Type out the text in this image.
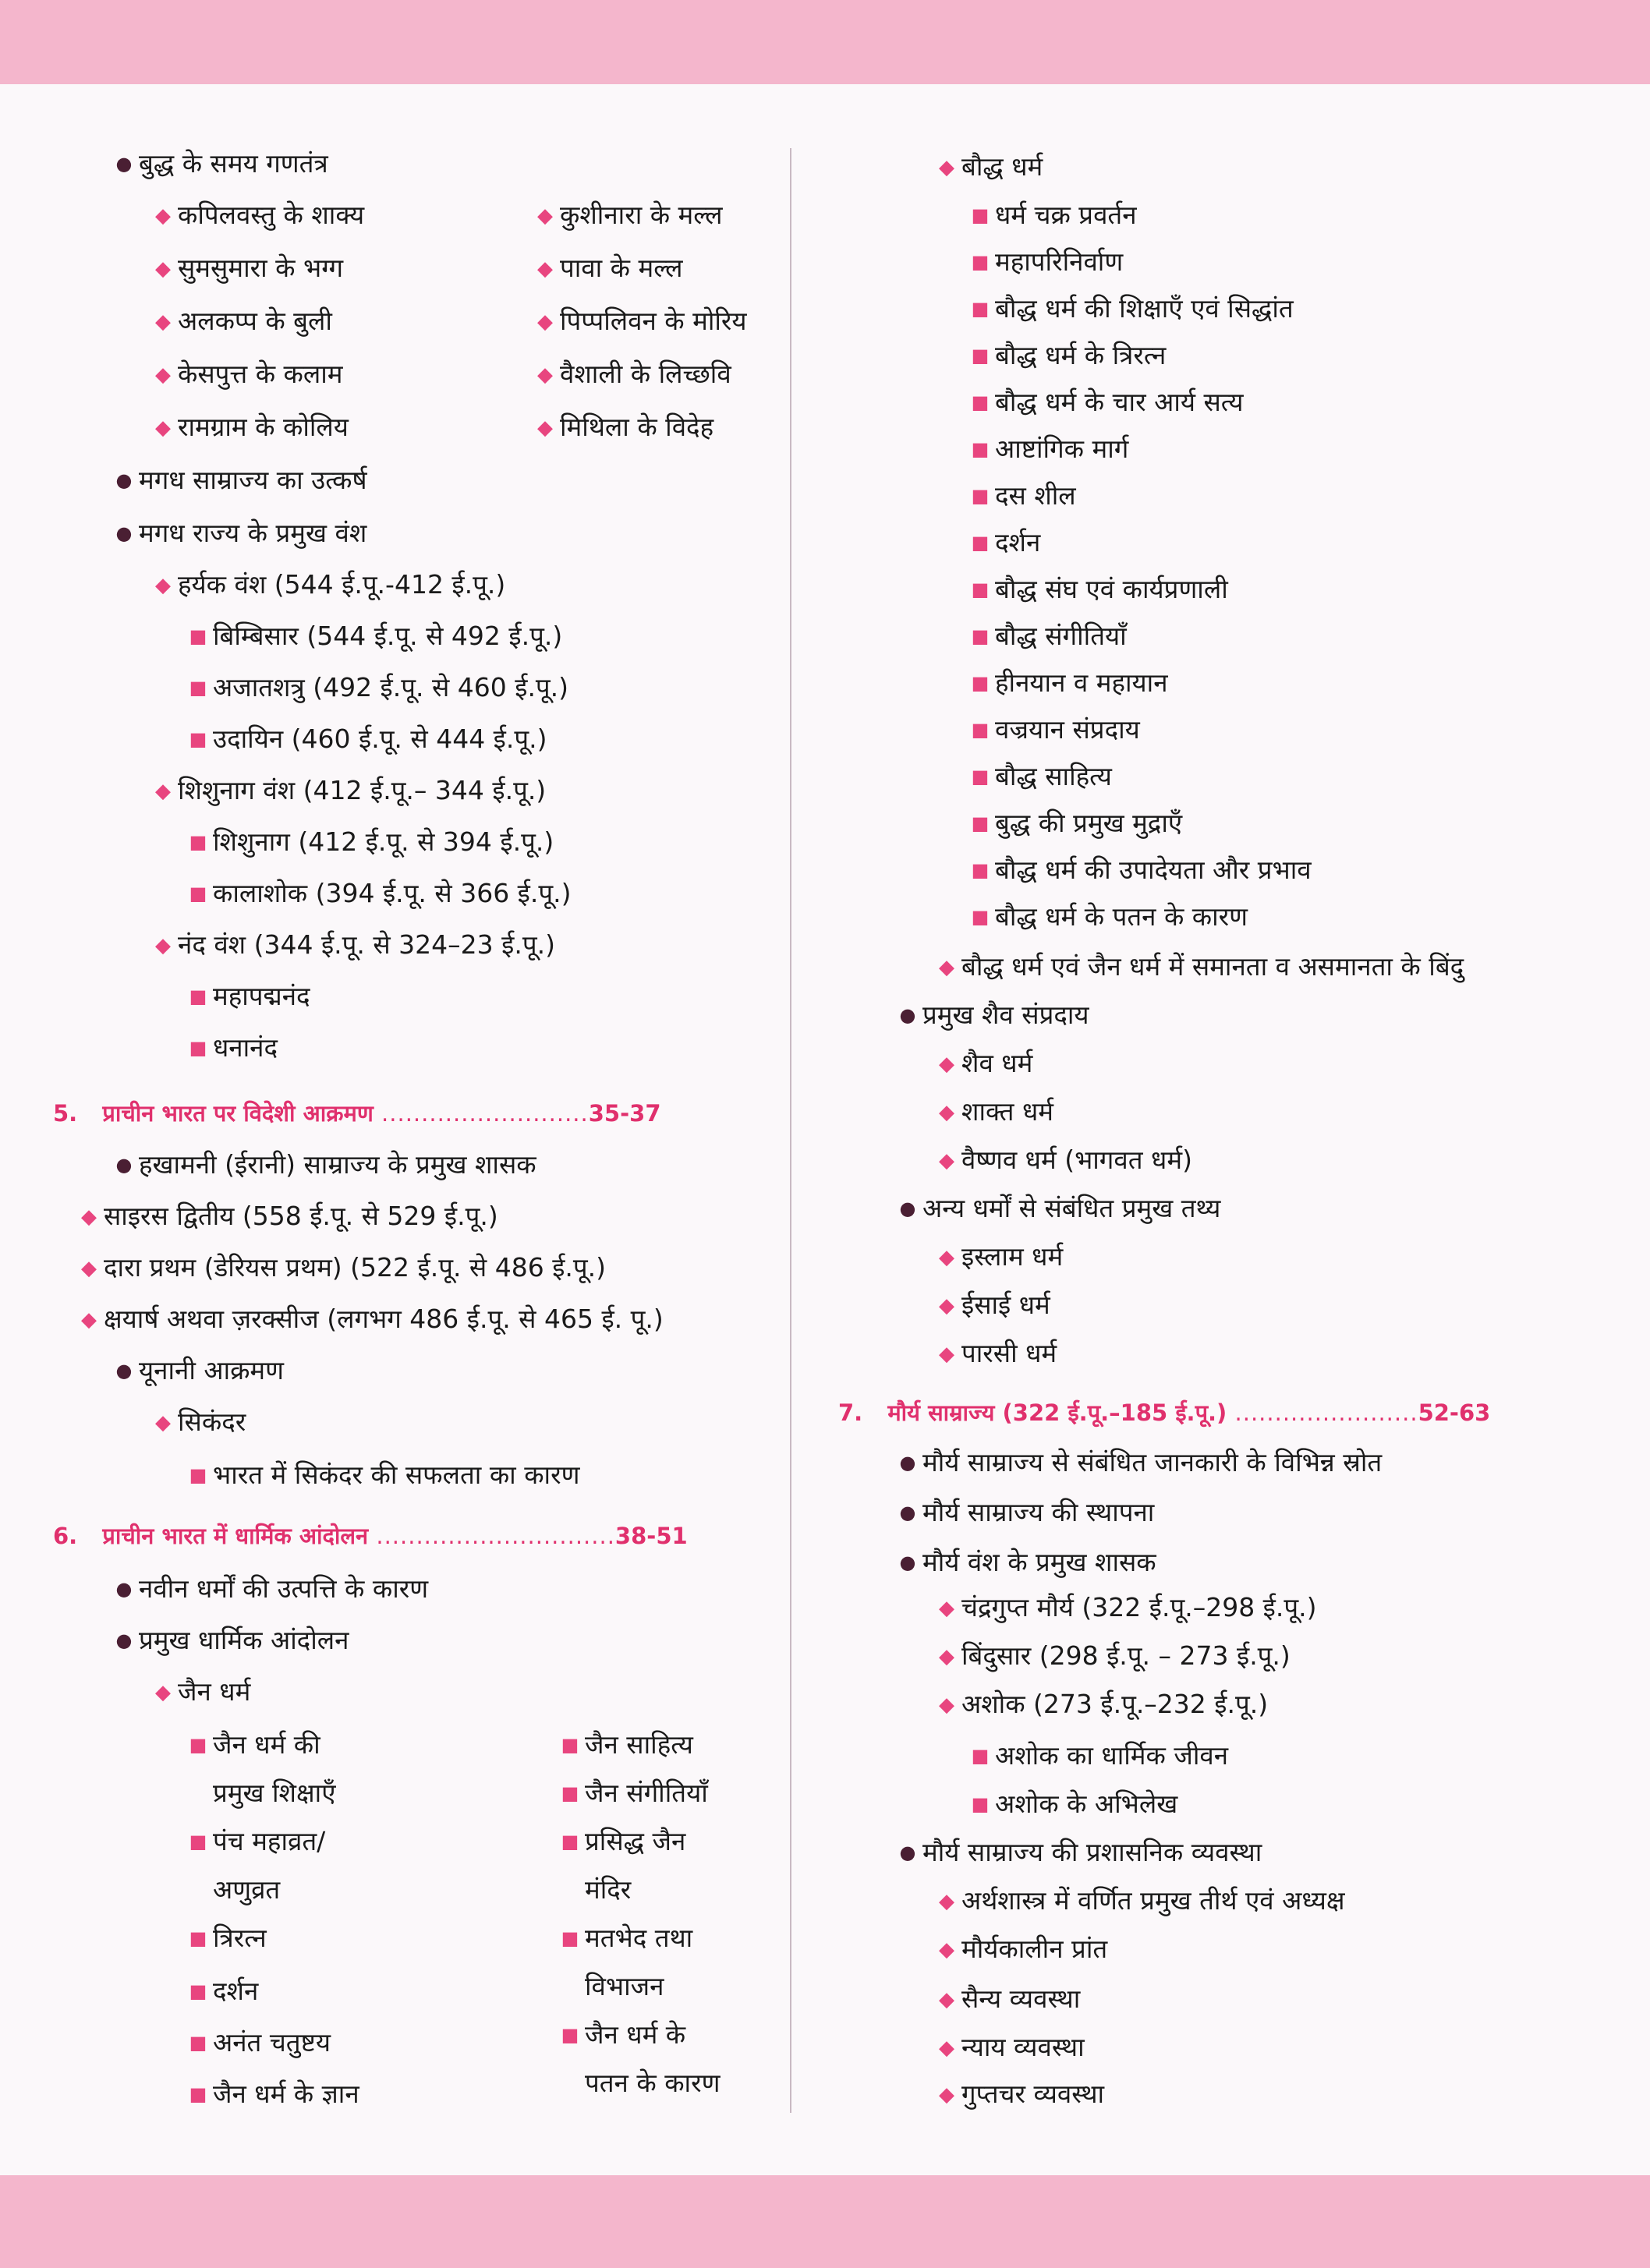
● बुद्ध के समय गणतंत्र
◆ कपिलवस्तु के शाक्य
◆ सुमसुमारा के भग्ग
◆ अलकप्प के बुली
◆ केसपुत्त के कलाम
◆ रामग्राम के कोलिय
◆ कुशीनारा के मल्ल
◆ पावा के मल्ल
◆ पिप्पलिवन के मोरिय
◆ वैशाली के लिच्छवि
◆ मिथिला के विदेह
● मगध साम्राज्य का उत्कर्ष
● मगध राज्य के प्रमुख वंश
◆ हर्यक वंश (544 ई.पू.-412 ई.पू.)
■ बिम्बिसार (544 ई.पू. से 492 ई.पू.)
■ अजातशत्रु (492 ई.पू. से 460 ई.पू.)
■ उदायिन (460 ई.पू. से 444 ई.पू.)
◆ शिशुनाग वंश (412 ई.पू.– 344 ई.पू.)
■ शिशुनाग (412 ई.पू. से 394 ई.पू.)
■ कालाशोक (394 ई.पू. से 366 ई.पू.)
◆ नंद वंश (344 ई.पू. से 324–23 ई.पू.)
■ महापद्मनंद
■ धनानंद
5. प्राचीन भारत पर विदेशी आक्रमण ..........................35-37
● हखामनी (ईरानी) साम्राज्य के प्रमुख शासक
◆ साइरस द्वितीय (558 ई.पू. से 529 ई.पू.)
◆ दारा प्रथम (डेरियस प्रथम) (522 ई.पू. से 486 ई.पू.)
◆ क्षयार्ष अथवा ज़रक्सीज (लगभग 486 ई.पू. से 465 ई. पू.)
● यूनानी आक्रमण
◆ सिकंदर
■ भारत में सिकंदर की सफलता का कारण
6. प्राचीन भारत में धार्मिक आंदोलन ..............................38-51
● नवीन धर्मों की उत्पत्ति के कारण
● प्रमुख धार्मिक आंदोलन
◆ जैन धर्म
■ जैन धर्म की
प्रमुख शिक्षाएँ
■ पंच महाव्रत/
अणुव्रत
■ त्रिरत्न
■ दर्शन
■ अनंत चतुष्टय
■ जैन धर्म के ज्ञान
■ जैन साहित्य
■ जैन संगीतियाँ
■ प्रसिद्ध जैन
मंदिर
■ मतभेद तथा
विभाजन
■ जैन धर्म के
पतन के कारण
◆ बौद्ध धर्म
■ धर्म चक्र प्रवर्तन
■ महापरिनिर्वाण
■ बौद्ध धर्म की शिक्षाएँ एवं सिद्धांत
■ बौद्ध धर्म के त्रिरत्न
■ बौद्ध धर्म के चार आर्य सत्य
■ आष्टांगिक मार्ग
■ दस शील
■ दर्शन
■ बौद्ध संघ एवं कार्यप्रणाली
■ बौद्ध संगीतियाँ
■ हीनयान व महायान
■ वज्रयान संप्रदाय
■ बौद्ध साहित्य
■ बुद्ध की प्रमुख मुद्राएँ
■ बौद्ध धर्म की उपादेयता और प्रभाव
■ बौद्ध धर्म के पतन के कारण
◆ बौद्ध धर्म एवं जैन धर्म में समानता व असमानता के बिंदु
● प्रमुख शैव संप्रदाय
◆ शैव धर्म
◆ शाक्त धर्म
◆ वैष्णव धर्म (भागवत धर्म)
● अन्य धर्मों से संबंधित प्रमुख तथ्य
◆ इस्लाम धर्म
◆ ईसाई धर्म
◆ पारसी धर्म
7. मौर्य साम्राज्य (322 ई.पू.–185 ई.पू.) .......................52-63
● मौर्य साम्राज्य से संबंधित जानकारी के विभिन्न स्रोत
● मौर्य साम्राज्य की स्थापना
● मौर्य वंश के प्रमुख शासक
◆ चंद्रगुप्त मौर्य (322 ई.पू.–298 ई.पू.)
◆ बिंदुसार (298 ई.पू. – 273 ई.पू.)
◆ अशोक (273 ई.पू.–232 ई.पू.)
■ अशोक का धार्मिक जीवन
■ अशोक के अभिलेख
● मौर्य साम्राज्य की प्रशासनिक व्यवस्था
◆ अर्थशास्त्र में वर्णित प्रमुख तीर्थ एवं अध्यक्ष
◆ मौर्यकालीन प्रांत
◆ सैन्य व्यवस्था
◆ न्याय व्यवस्था
◆ गुप्तचर व्यवस्था
